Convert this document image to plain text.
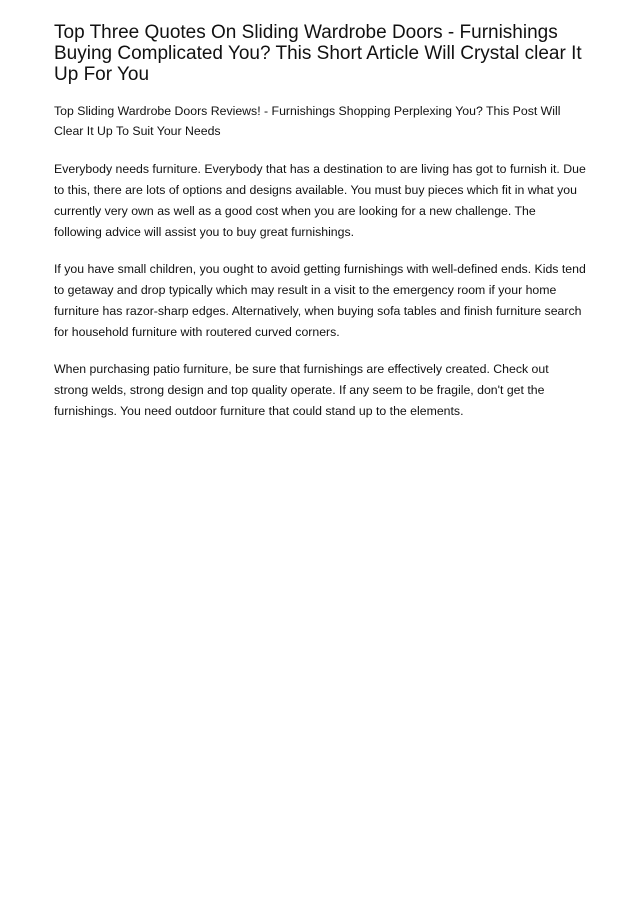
Top Three Quotes On Sliding Wardrobe Doors - Furnishings Buying Complicated You? This Short Article Will Crystal clear It Up For You

Top Sliding Wardrobe Doors Reviews! - Furnishings Shopping Perplexing You? This Post Will Clear It Up To Suit Your Needs

Everybody needs furniture. Everybody that has a destination to are living has got to furnish it. Due to this, there are lots of options and designs available. You must buy pieces which fit in what you currently very own as well as a good cost when you are looking for a new challenge. The following advice will assist you to buy great furnishings.

If you have small children, you ought to avoid getting furnishings with well-defined ends. Kids tend to getaway and drop typically which may result in a visit to the emergency room if your home furniture has razor-sharp edges. Alternatively, when buying sofa tables and finish furniture search for household furniture with routered curved corners.

When purchasing patio furniture, be sure that furnishings are effectively created. Check out strong welds, strong design and top quality operate. If any seem to be fragile, don't get the furnishings. You need outdoor furniture that could stand up to the elements.
